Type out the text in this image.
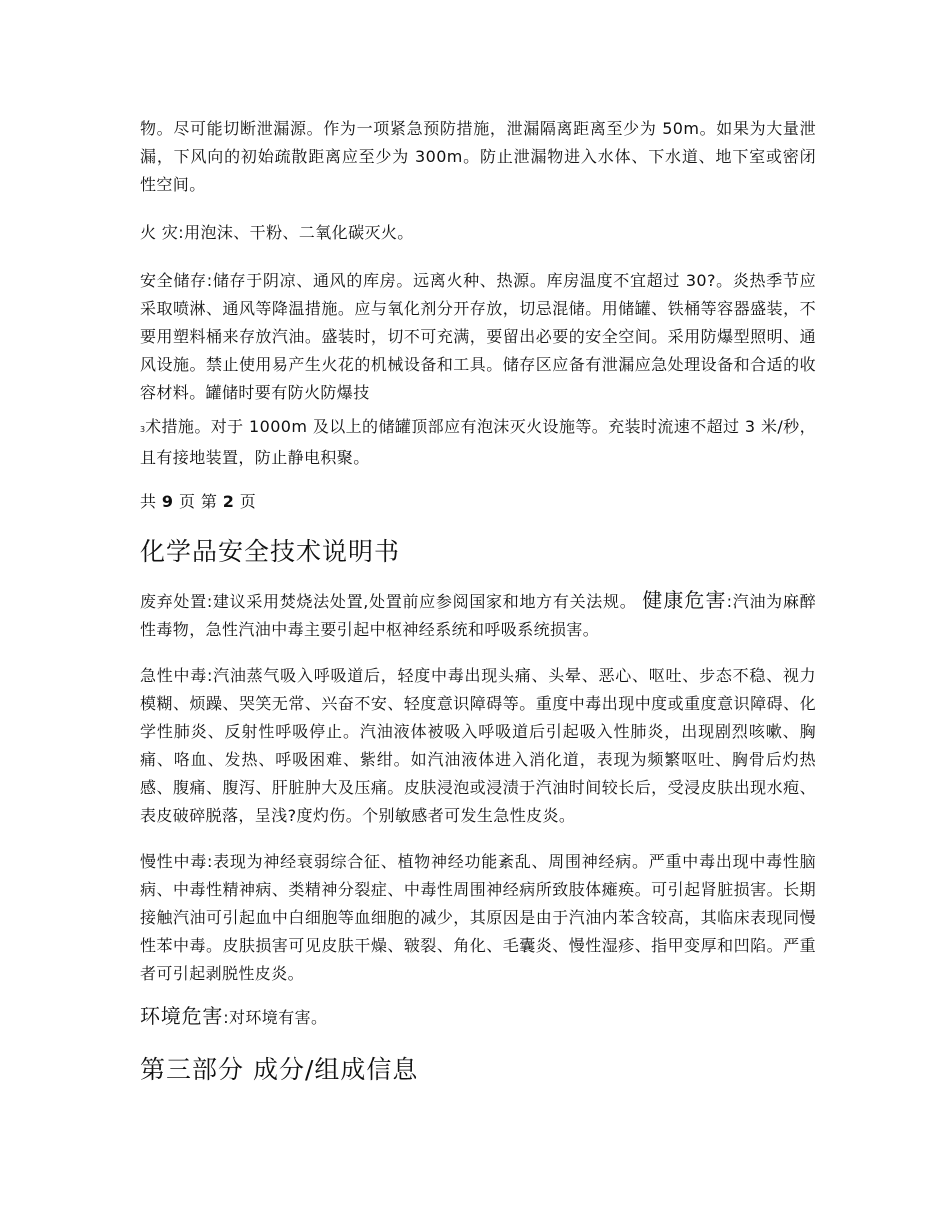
物。尽可能切断泄漏源。作为一项紧急预防措施，泄漏隔离距离至少为 50m。如果为大量泄漏，下风向的初始疏散距离应至少为 300m。防止泄漏物进入水体、下水道、地下室或密闭性空间。

火 灾:用泡沫、干粉、二氧化碳灭火。

安全储存:储存于阴凉、通风的库房。远离火种、热源。库房温度不宜超过 30?。炎热季节应采取喷淋、通风等降温措施。应与氧化剂分开存放，切忌混储。用储罐、铁桶等容器盛装，不要用塑料桶来存放汽油。盛装时，切不可充满，要留出必要的安全空间。采用防爆型照明、通风设施。禁止使用易产生火花的机械设备和工具。储存区应备有泄漏应急处理设备和合适的收容材料。罐储时要有防火防爆技

3术措施。对于 1000m 及以上的储罐顶部应有泡沫灭火设施等。充装时流速不超过 3 米/秒， 且有接地装置，防止静电积聚。

共 9 页 第 2 页

化学品安全技术说明书

废弃处置:建议采用焚烧法处置,处置前应参阅国家和地方有关法规。 健康危害:汽油为麻醉性毒物，急性汽油中毒主要引起中枢神经系统和呼吸系统损害。

急性中毒:汽油蒸气吸入呼吸道后，轻度中毒出现头痛、头晕、恶心、呕吐、步态不稳、视力模糊、烦躁、哭笑无常、兴奋不安、轻度意识障碍等。重度中毒出现中度或重度意识障碍、化学性肺炎、反射性呼吸停止。汽油液体被吸入呼吸道后引起吸入性肺炎，出现剧烈咳嗽、胸痛、咯血、发热、呼吸困难、紫绀。如汽油液体进入消化道，表现为频繁呕吐、胸骨后灼热感、腹痛、腹泻、肝脏肿大及压痛。皮肤浸泡或浸渍于汽油时间较长后，受浸皮肤出现水疱、表皮破碎脱落，呈浅?度灼伤。个别敏感者可发生急性皮炎。

慢性中毒:表现为神经衰弱综合征、植物神经功能紊乱、周围神经病。严重中毒出现中毒性脑病、中毒性精神病、类精神分裂症、中毒性周围神经病所致肢体瘫痪。可引起肾脏损害。长期接触汽油可引起血中白细胞等血细胞的减少，其原因是由于汽油内苯含较高，其临床表现同慢性苯中毒。皮肤损害可见皮肤干燥、皲裂、角化、毛囊炎、慢性湿疹、指甲变厚和凹陷。严重者可引起剥脱性皮炎。

环境危害:对环境有害。

第三部分 成分/组成信息
